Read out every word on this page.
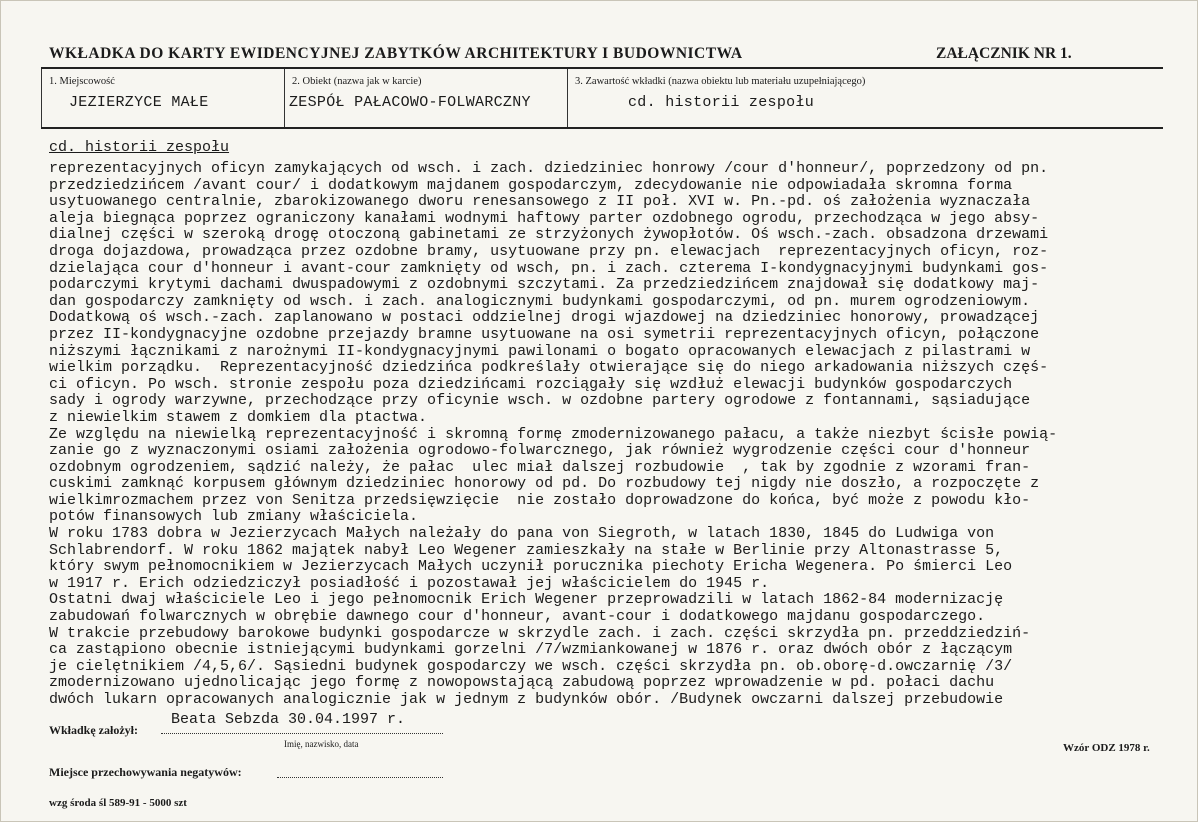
WKŁADKA DO KARTY EWIDENCYJNEJ ZABYTKÓW ARCHITEKTURY I BUDOWNICTWA	ZAŁĄCZNIK NR 1.
1. Miejscowość
JEZIERZYCE MAŁE
2. Obiekt (nazwa jak w karcie)
ZESPÓŁ PAŁACOWO-FOLWARCZNY
3. Zawartość wkładki (nazwa obiektu lub materiału uzupełniającego)
cd. historii zespołu
cd. historii zespołu
reprezentacyjnych oficyn zamykających od wsch. i zach. dziedziniec honrowy /cour d'honneur/, poprzedzony od pn.
przedziedzińcem /avant cour/ i dodatkowym majdanem gospodarczym, zdecydowanie nie odpowiadała skromna forma
usytuowanego centralnie, zbarokizowanego dworu renesansowego z II poł. XVI w. Pn.-pd. oś założenia wyznaczała
aleja biegnąca poprzez ograniczony kanałami wodnymi haftowy parter ozdobnego ogrodu, przechodząca w jego absy-
dialnej części w szeroką drogę otoczoną gabinetami ze strzyżonych żywopłotów. Oś wsch.-zach. obsadzona drzewami
droga dojazdowa, prowadząca przez ozdobne bramy, usytuowane przy pn. elewacjach  reprezentacyjnych oficyn, roz-
dzielająca cour d'honneur i avant-cour zamknięty od wsch, pn. i zach. czterema I-kondygnacyjnymi budynkami gos-
podarczymi krytymi dachami dwuspadowymi z ozdobnymi szczytami. Za przedziedzińcem znajdował się dodatkowy maj-
dan gospodarczy zamknięty od wsch. i zach. analogicznymi budynkami gospodarczymi, od pn. murem ogrodzeniowym.
Dodatkową oś wsch.-zach. zaplanowano w postaci oddzielnej drogi wjazdowej na dziedziniec honorowy, prowadzącej
przez II-kondygnacyjne ozdobne przejazdy bramne usytuowane na osi symetrii reprezentacyjnych oficyn, połączone
niższymi łącznikami z narożnymi II-kondygnacyjnymi pawilonami o bogato opracowanych elewacjach z pilastrami w
wielkim porządku.  Reprezentacyjność dziedzińca podkreślały otwierające się do niego arkadowania niższych częś-
ci oficyn. Po wsch. stronie zespołu poza dziedzińcami rozciągały się wzdłuż elewacji budynków gospodarczych
sady i ogrody warzywne, przechodzące przy oficynie wsch. w ozdobne partery ogrodowe z fontannami, sąsiadujące
z niewielkim stawem z domkiem dla ptactwa.
Ze względu na niewielką reprezentacyjność i skromną formę zmodernizowanego pałacu, a także niezbyt ścisłe powią-
zanie go z wyznaczonymi osiami założenia ogrodowo-folwarcznego, jak również wygrodzenie części cour d'honneur
ozdobnym ogrodzeniem, sądzić należy, że pałac  ulec miał dalszej rozbudowie  , tak by zgodnie z wzorami fran-
cuskimi zamknąć korpusem głównym dziedziniec honorowy od pd. Do rozbudowy tej nigdy nie doszło, a rozpoczęte z
wielkimrozmachem przez von Senitza przedsięwzięcie  nie zostało doprowadzone do końca, być może z powodu kło-
potów finansowych lub zmiany właściciela.
W roku 1783 dobra w Jezierzycach Małych należały do pana von Siegroth, w latach 1830, 1845 do Ludwiga von
Schlabrendorf. W roku 1862 majątek nabył Leo Wegener zamieszkały na stałe w Berlinie przy Altonastrasse 5,
który swym pełnomocnikiem w Jezierzycach Małych uczynił porucznika piechoty Ericha Wegenera. Po śmierci Leo
w 1917 r. Erich odziedziczył posiadłość i pozostawał jej właścicielem do 1945 r.
Ostatni dwaj właściciele Leo i jego pełnomocnik Erich Wegener przeprowadzili w latach 1862-84 modernizację
zabudowań folwarcznych w obrębie dawnego cour d'honneur, avant-cour i dodatkowego majdanu gospodarczego.
W trakcie przebudowy barokowe budynki gospodarcze w skrzydle zach. i zach. części skrzydła pn. przeddziedziń-
ca zastąpiono obecnie istniejącymi budynkami gorzelni /7/wzmiankowanej w 1876 r. oraz dwóch obór z łączącym
je cielętnikiem /4,5,6/. Sąsiedni budynek gospodarczy we wsch. części skrzydła pn. ob.oborę-d.owczarnię /3/
zmodernizowano ujednolicając jego formę z nowopowstającą zabudową poprzez wprowadzenie w pd. połaci dachu
dwóch lukarn opracowanych analogicznie jak w jednym z budynków obór. /Budynek owczarni dalszej przebudowie
Wkładkę założył:
Beata Sebzda 30.04.1997 r.
Imię, nazwisko, data	Wzór ODZ 1978 r.
Miejsce przechowywania negatywów:
wzg środa śl 589-91 - 5000 szt
